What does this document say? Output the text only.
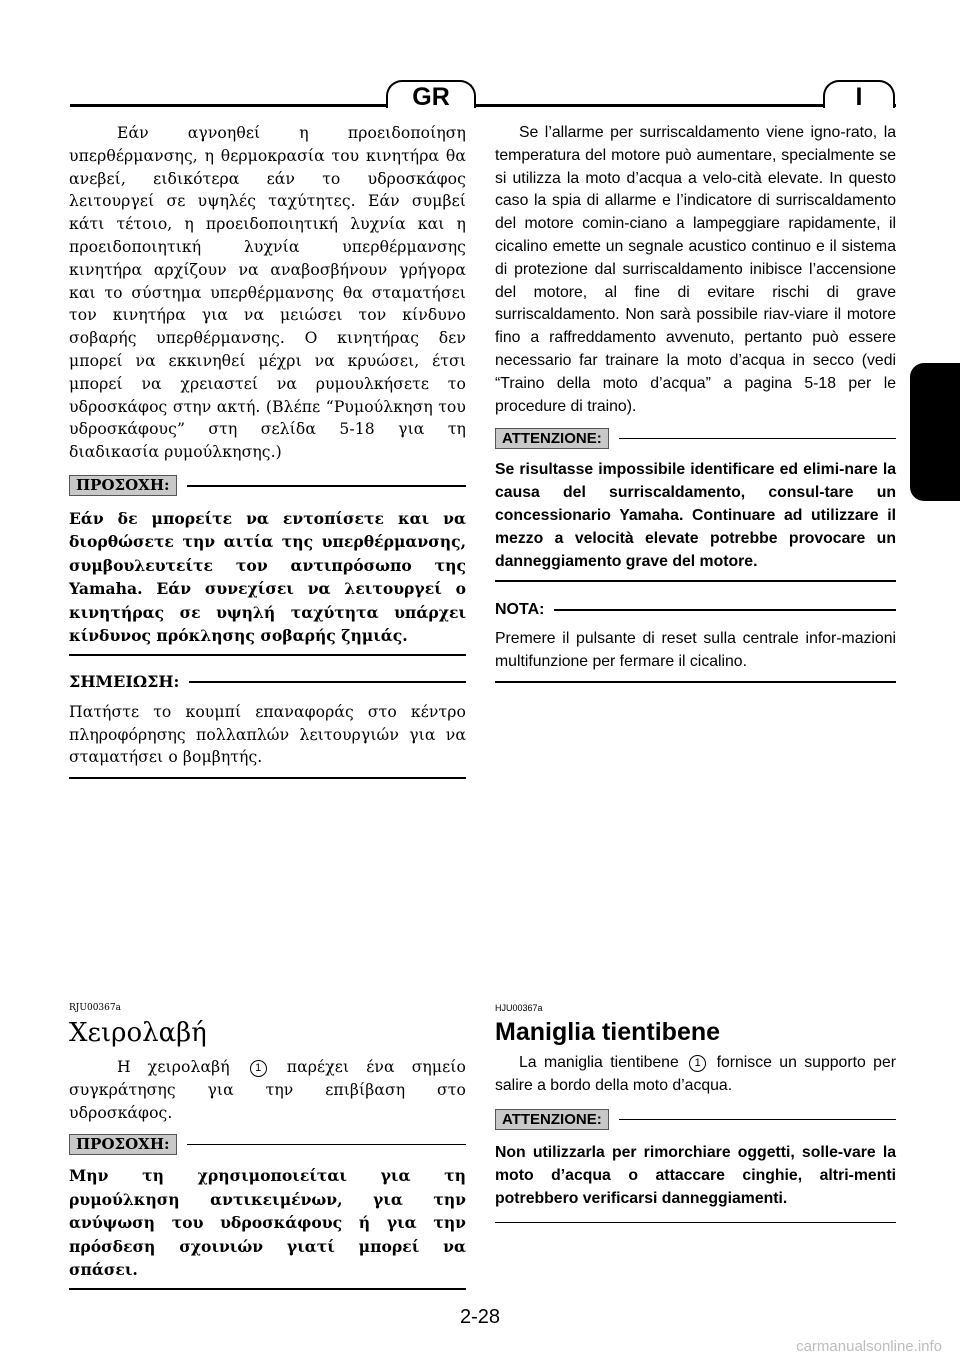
GR	I

Εάν αγνοηθεί η προειδοποίηση υπερθέρμανσης, η θερμοκρασία του κινητήρα θα ανεβεί, ειδικότερα εάν το υδροσκάφος λειτουργεί σε υψηλές ταχύτητες. Εάν συμβεί κάτι τέτοιο, η προειδοποιητική λυχνία και η προειδοποιητική λυχνία υπερθέρμανσης κινητήρα αρχίζουν να αναβοσβήνουν γρήγορα και το σύστημα υπερθέρμανσης θα σταματήσει τον κινητήρα για να μειώσει τον κίνδυνο σοβαρής υπερθέρμανσης. Ο κινητήρας δεν μπορεί να εκκινηθεί μέχρι να κρυώσει, έτσι μπορεί να χρειαστεί να ρυμουλκήσετε το υδροσκάφος στην ακτή. (Βλέπε “Ρυμούλκηση του υδροσκάφους” στη σελίδα 5-18 για τη διαδικασία ρυμούλκησης.)

ΠΡΟΣΟΧΗ:

Εάν δε μπορείτε να εντοπίσετε και να διορθώσετε την αιτία της υπερθέρμανσης, συμβουλευτείτε τον αντιπρόσωπο της Yamaha. Εάν συνεχίσει να λειτουργεί ο κινητήρας σε υψηλή ταχύτητα υπάρχει κίνδυνος πρόκλησης σοβαρής ζημιάς.

ΣΗΜΕΙΩΣΗ:

Πατήστε το κουμπί επαναφοράς στο κέντρο πληροφόρησης πολλαπλών λειτουργιών για να σταματήσει ο βομβητής.

Se l’allarme per surriscaldamento viene igno-rato, la temperatura del motore può aumentare, specialmente se si utilizza la moto d’acqua a velo-cità elevate. In questo caso la spia di allarme e l’indicatore di surriscaldamento del motore comin-ciano a lampeggiare rapidamente, il cicalino emette un segnale acustico continuo e il sistema di protezione dal surriscaldamento inibisce l’accensione del motore, al fine di evitare rischi di grave surriscaldamento. Non sarà possibile riav-viare il motore fino a raffreddamento avvenuto, pertanto può essere necessario far trainare la moto d’acqua in secco (vedi “Traino della moto d’acqua” a pagina 5-18 per le procedure di traino).

ATTENZIONE:

Se risultasse impossibile identificare ed elimi-nare la causa del surriscaldamento, consul-tare un concessionario Yamaha. Continuare ad utilizzare il mezzo a velocità elevate potrebbe provocare un danneggiamento grave del motore.

NOTA:

Premere il pulsante di reset sulla centrale infor-mazioni multifunzione per fermare il cicalino.

RJU00367a
Χειρολαβή

Η χειρολαβή 1 παρέχει ένα σημείο συγκράτησης για την επιβίβαση στο υδροσκάφος.

ΠΡΟΣΟΧΗ:

Μην τη χρησιμοποιείται για τη ρυμούλκηση αντικειμένων, για την ανύψωση του υδροσκάφους ή για την πρόσδεση σχοινιών γιατί μπορεί να σπάσει.

HJU00367a
Maniglia tientibene

La maniglia tientibene 1 fornisce un supporto per salire a bordo della moto d’acqua.

ATTENZIONE:

Non utilizzarla per rimorchiare oggetti, solle-vare la moto d’acqua o attaccare cinghie, altri-menti potrebbero verificarsi danneggiamenti.

2-28
carmanualsonline.info
